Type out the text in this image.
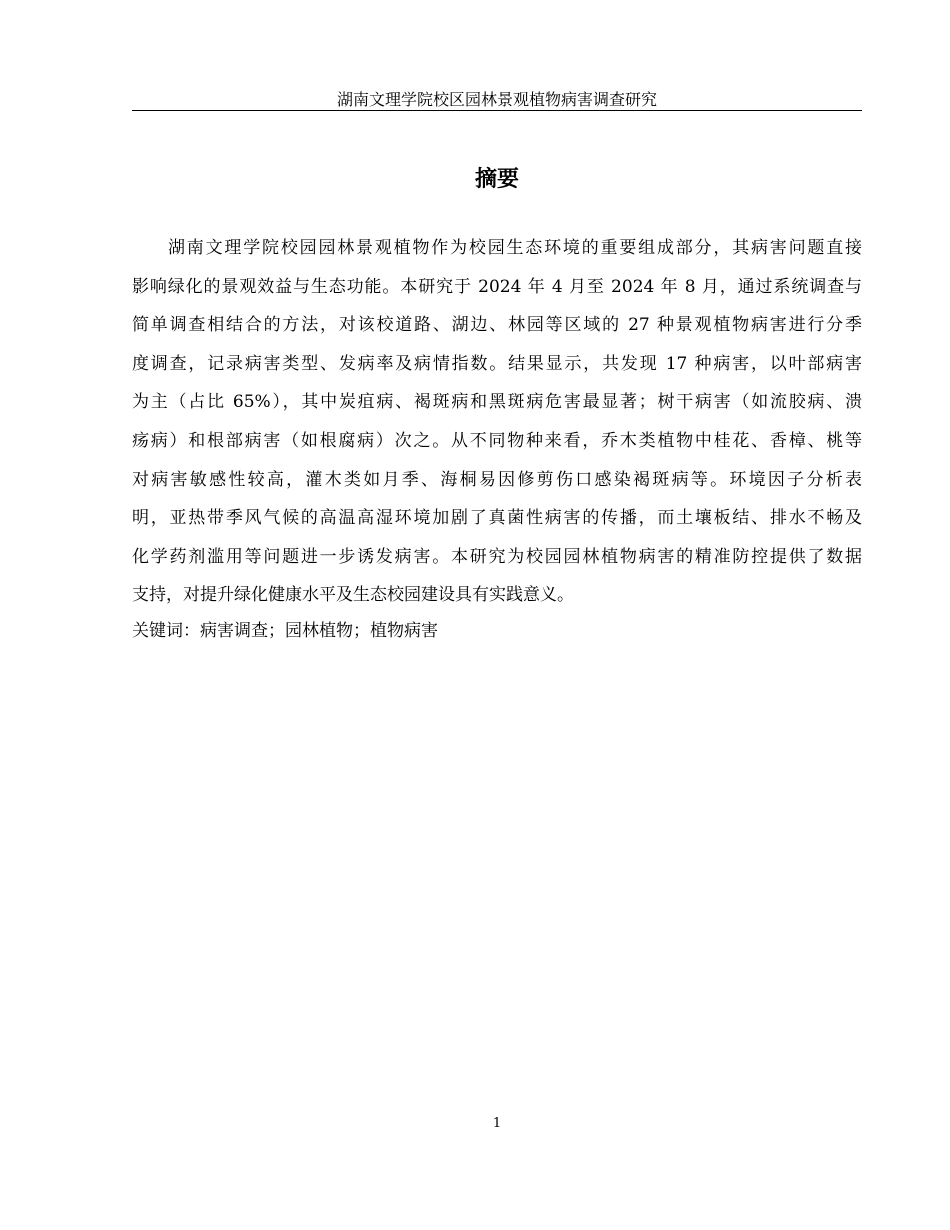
湖南文理学院校区园林景观植物病害调查研究
摘要
湖南文理学院校园园林景观植物作为校园生态环境的重要组成部分，其病害问题直接
影响绿化的景观效益与生态功能。本研究于 2024 年 4 月至 2024 年 8 月，通过系统调查与
简单调查相结合的方法，对该校道路、湖边、林园等区域的 27 种景观植物病害进行分季
度调查，记录病害类型、发病率及病情指数。结果显示，共发现 17 种病害，以叶部病害
为主（占比 65%），其中炭疽病、褐斑病和黑斑病危害最显著；树干病害（如流胶病、溃
疡病）和根部病害（如根腐病）次之。从不同物种来看，乔木类植物中桂花、香樟、桃等
对病害敏感性较高，灌木类如月季、海桐易因修剪伤口感染褐斑病等。环境因子分析表
明，亚热带季风气候的高温高湿环境加剧了真菌性病害的传播，而土壤板结、排水不畅及
化学药剂滥用等问题进一步诱发病害。本研究为校园园林植物病害的精准防控提供了数据
支持，对提升绿化健康水平及生态校园建设具有实践意义。
关键词：病害调查；园林植物；植物病害
1
